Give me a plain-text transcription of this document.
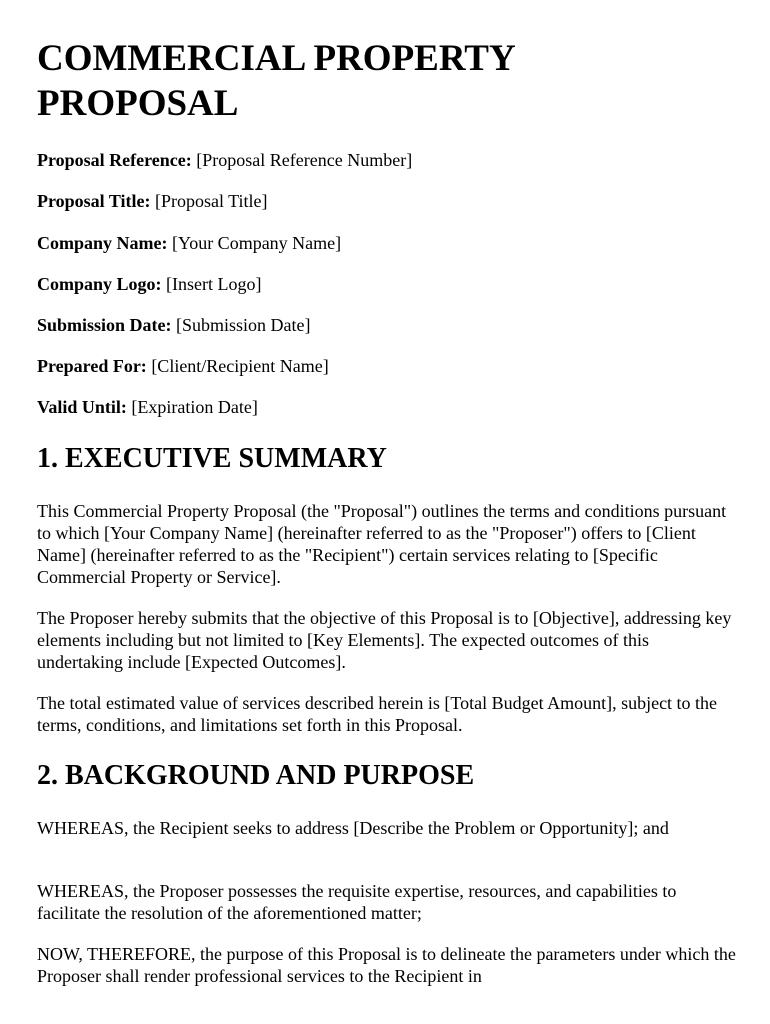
COMMERCIAL PROPERTY
PROPOSAL

Proposal Reference: [Proposal Reference Number]

Proposal Title: [Proposal Title]

Company Name: [Your Company Name]

Company Logo: [Insert Logo]

Submission Date: [Submission Date]

Prepared For: [Client/Recipient Name]

Valid Until: [Expiration Date]

1. EXECUTIVE SUMMARY

This Commercial Property Proposal (the "Proposal") outlines the terms and conditions pursuant to which [Your Company Name] (hereinafter referred to as the "Proposer") offers to [Client Name] (hereinafter referred to as the "Recipient") certain services relating to [Specific Commercial Property or Service].

The Proposer hereby submits that the objective of this Proposal is to [Objective], addressing key elements including but not limited to [Key Elements]. The expected outcomes of this undertaking include [Expected Outcomes].

The total estimated value of services described herein is [Total Budget Amount], subject to the terms, conditions, and limitations set forth in this Proposal.

2. BACKGROUND AND PURPOSE

WHEREAS, the Recipient seeks to address [Describe the Problem or Opportunity]; and

WHEREAS, the Proposer possesses the requisite expertise, resources, and capabilities to facilitate the resolution of the aforementioned matter;

NOW, THEREFORE, the purpose of this Proposal is to delineate the parameters under which the Proposer shall render professional services to the Recipient in
